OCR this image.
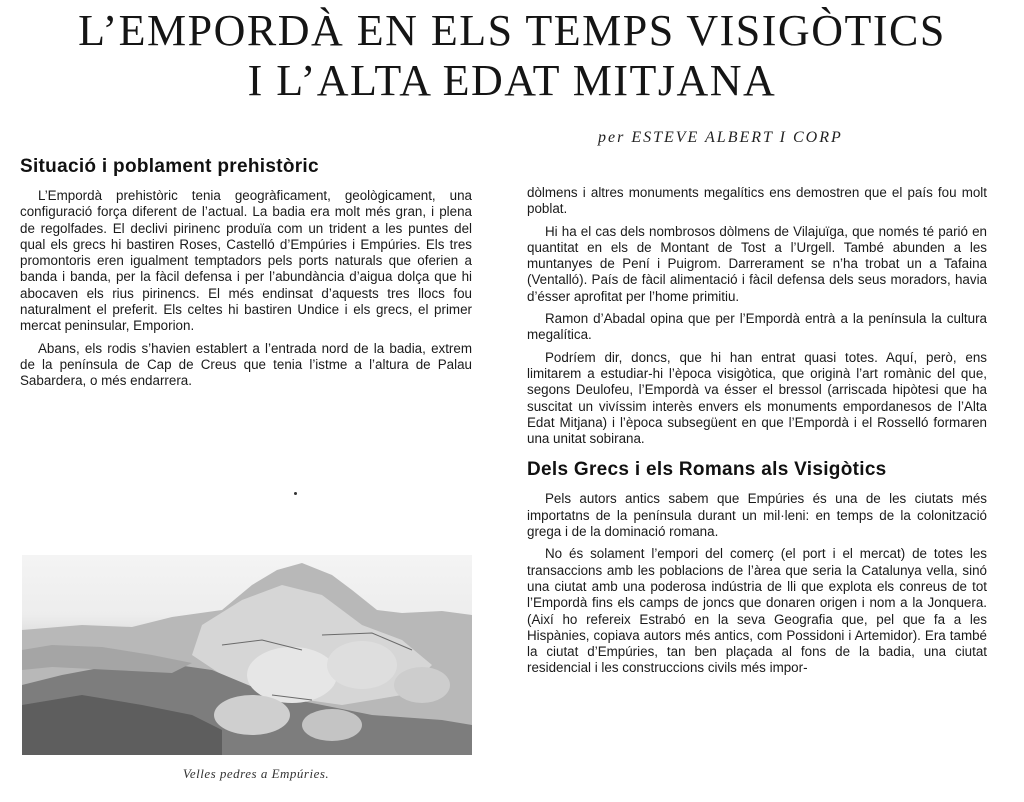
L’EMPORDÀ EN ELS TEMPS VISIGÒTICS
I L’ALTA EDAT MITJANA
per ESTEVE ALBERT I CORP
Situació i poblament prehistòric

L’Empordà prehistòric tenia geogràficament, geològicament, una configuració força diferent de l’actual. La badia era molt més gran, i plena de regolfades. El declivi pirinenc produïa com un trident a les puntes del qual els grecs hi bastiren Roses, Castelló d’Empúries i Empúries. Els tres promontoris eren igualment temptadors pels ports naturals que oferien a banda i banda, per la fàcil defensa i per l’abundància d’aigua dolça que hi abocaven els rius pirinencs. El més endinsat d’aquests tres llocs fou naturalment el preferit. Els celtes hi bastiren Undice i els grecs, el primer mercat peninsular, Emporion.

Abans, els rodis s’havien establert a l’entrada nord de la badia, extrem de la península de Cap de Creus que tenia l’istme a l’altura de Palau Sabardera, o més endarrera.

Velles pedres a Empúries.

dòlmens i altres monuments megalítics ens demostren que el país fou molt poblat.

Hi ha el cas dels nombrosos dòlmens de Vilajuïga, que només té parió en quantitat en els de Montant de Tost a l’Urgell. També abunden a les muntanyes de Pení i Puigrom. Darrerament se n’ha trobat un a Tafaina (Ventalló). País de fàcil alimentació i fàcil defensa dels seus moradors, havia d’ésser aprofitat per l’home primitiu.

Ramon d’Abadal opina que per l’Empordà entrà a la península la cultura megalítica.

Podríem dir, doncs, que hi han entrat quasi totes. Aquí, però, ens limitarem a estudiar-hi l’època visigòtica, que originà l’art romànic del que, segons Deulofeu, l’Empordà va ésser el bressol (arriscada hipòtesi que ha suscitat un vivíssim interès envers els monuments empordanesos de l’Alta Edat Mitjana) i l’època subsegüent en que l’Empordà i el Rosselló formaren una unitat sobirana.

Dels Grecs i els Romans als Visigòtics

Pels autors antics sabem que Empúries és una de les ciutats més importatns de la península durant un mil·leni: en temps de la colonització grega i de la dominació romana.

No és solament l’empori del comerç (el port i el mercat) de totes les transaccions amb les poblacions de l’àrea que seria la Catalunya vella, sinó una ciutat amb una poderosa indústria de lli que explota els conreus de tot l’Empordà fins els camps de joncs que donaren origen i nom a la Jonquera. (Així ho refereix Estrabó en la seva Geografia que, pel que fa a les Hispànies, copiava autors més antics, com Possidoni i Artemidor). Era també la ciutat d’Empúries, tan ben plaçada al fons de la badia, una ciutat residencial i les construccions civils més impor-
